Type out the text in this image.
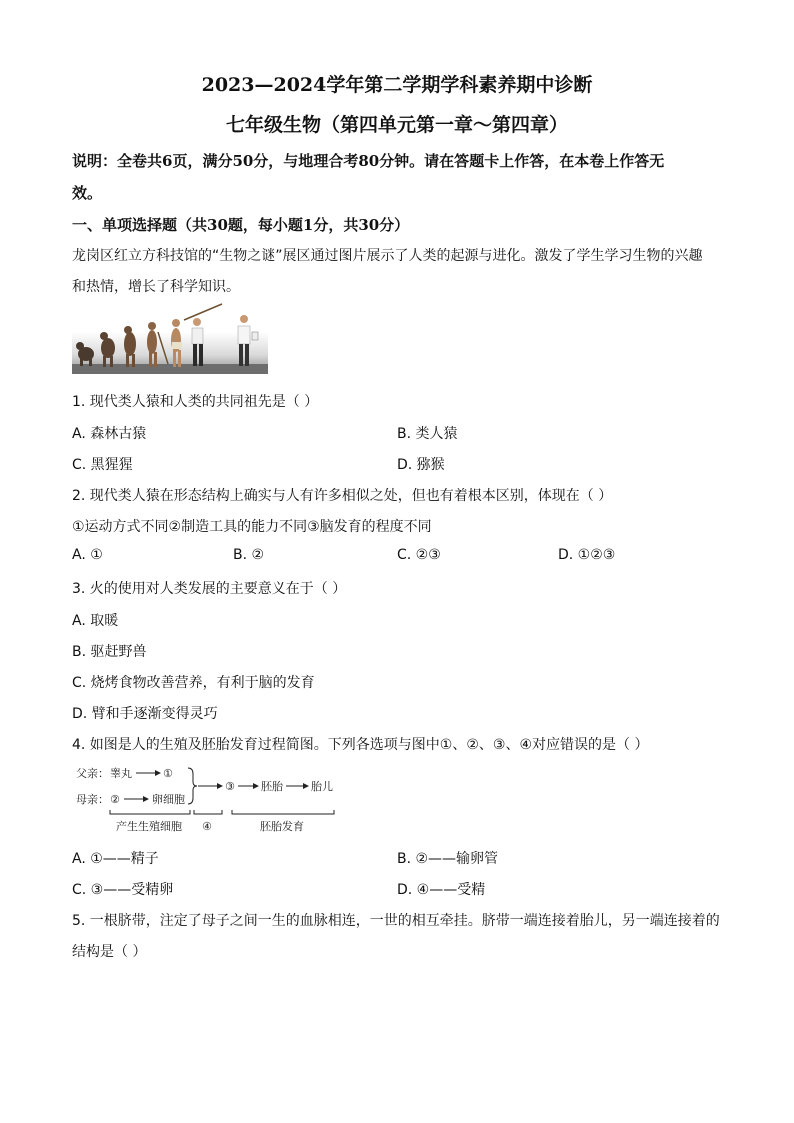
2023—2024学年第二学期学科素养期中诊断
七年级生物（第四单元第一章～第四章）
说明：全卷共6页，满分50分，与地理合考80分钟。请在答题卡上作答，在本卷上作答无
效。
一、单项选择题（共30题，每小题1分，共30分）
龙岗区红立方科技馆的“生物之谜”展区通过图片展示了人类的起源与进化。激发了学生学习生物的兴趣
和热情，增长了科学知识。
1. 现代类人猿和人类的共同祖先是（ ）
A. 森林古猿	B. 类人猿
C. 黑猩猩	D. 猕猴
2. 现代类人猿在形态结构上确实与人有许多相似之处，但也有着根本区别，体现在（ ）
①运动方式不同②制造工具的能力不同③脑发育的程度不同
A. ①	B. ②	C. ②③	D. ①②③
3. 火的使用对人类发展的主要意义在于（ ）
A. 取暖
B. 驱赶野兽
C. 烧烤食物改善营养，有利于脑的发育
D. 臂和手逐渐变得灵巧
4. 如图是人的生殖及胚胎发育过程简图。下列各选项与图中①、②、③、④对应错误的是（ ）
父亲： 睾丸	①
母亲： ②	卵细胞
③ 胚胎	胎儿
产生生殖细胞 ④	胚胎发育
A. ①——精子	B. ②——输卵管
C. ③——受精卵	D. ④——受精
5. 一根脐带，注定了母子之间一生的血脉相连，一世的相互牵挂。脐带一端连接着胎儿，另一端连接着的
结构是（ ）
